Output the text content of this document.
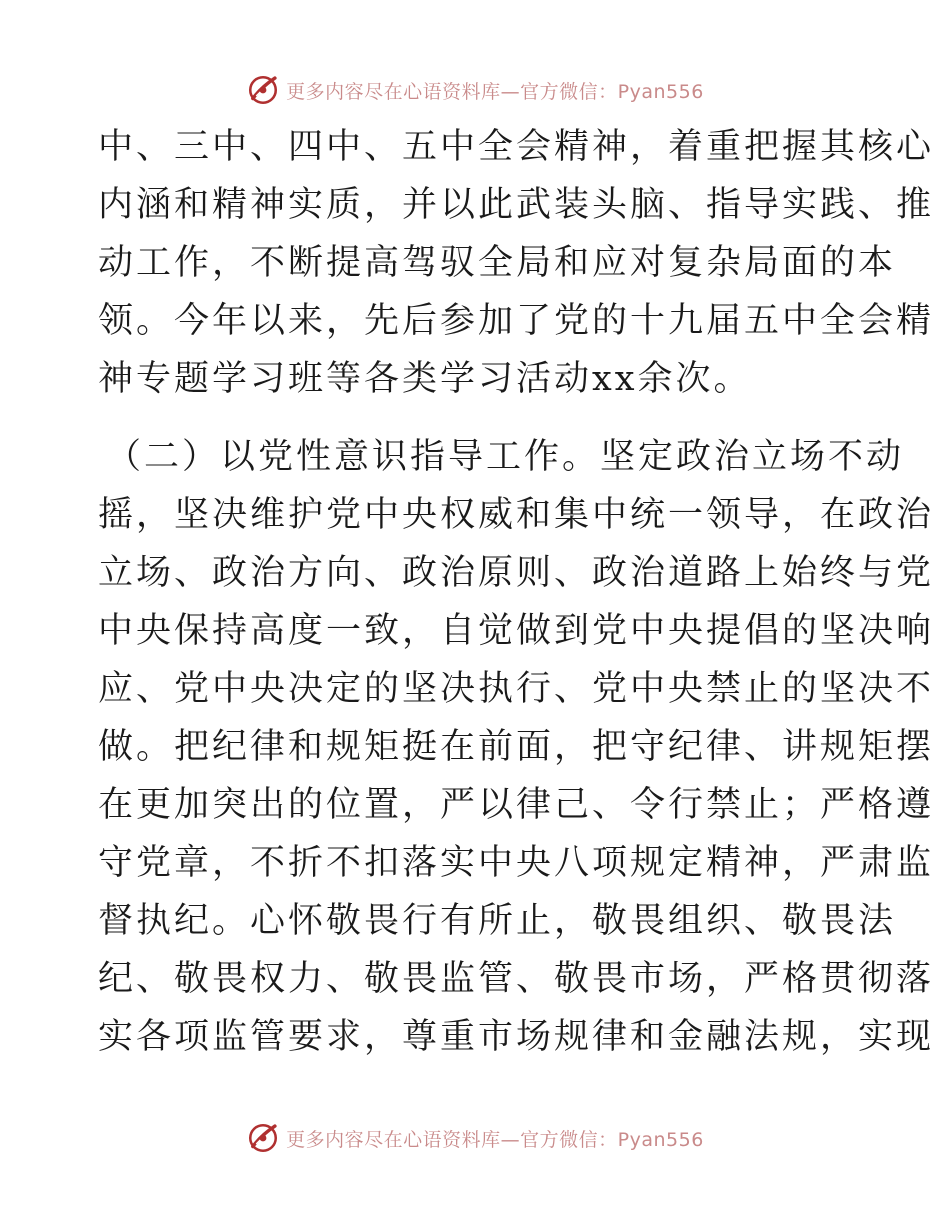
更多内容尽在心语资料库—官方微信：Pyan556
中、三中、四中、五中全会精神，着重把握其核心
内涵和精神实质，并以此武装头脑、指导实践、推
动工作，不断提高驾驭全局和应对复杂局面的本
领。今年以来，先后参加了党的十九届五中全会精
神专题学习班等各类学习活动xx余次。
（二）以党性意识指导工作。坚定政治立场不动
摇，坚决维护党中央权威和集中统一领导，在政治
立场、政治方向、政治原则、政治道路上始终与党
中央保持高度一致，自觉做到党中央提倡的坚决响
应、党中央决定的坚决执行、党中央禁止的坚决不
做。把纪律和规矩挺在前面，把守纪律、讲规矩摆
在更加突出的位置，严以律己、令行禁止；严格遵
守党章，不折不扣落实中央八项规定精神，严肃监
督执纪。心怀敬畏行有所止，敬畏组织、敬畏法
纪、敬畏权力、敬畏监管、敬畏市场，严格贯彻落
实各项监管要求，尊重市场规律和金融法规，实现
更多内容尽在心语资料库—官方微信：Pyan556
